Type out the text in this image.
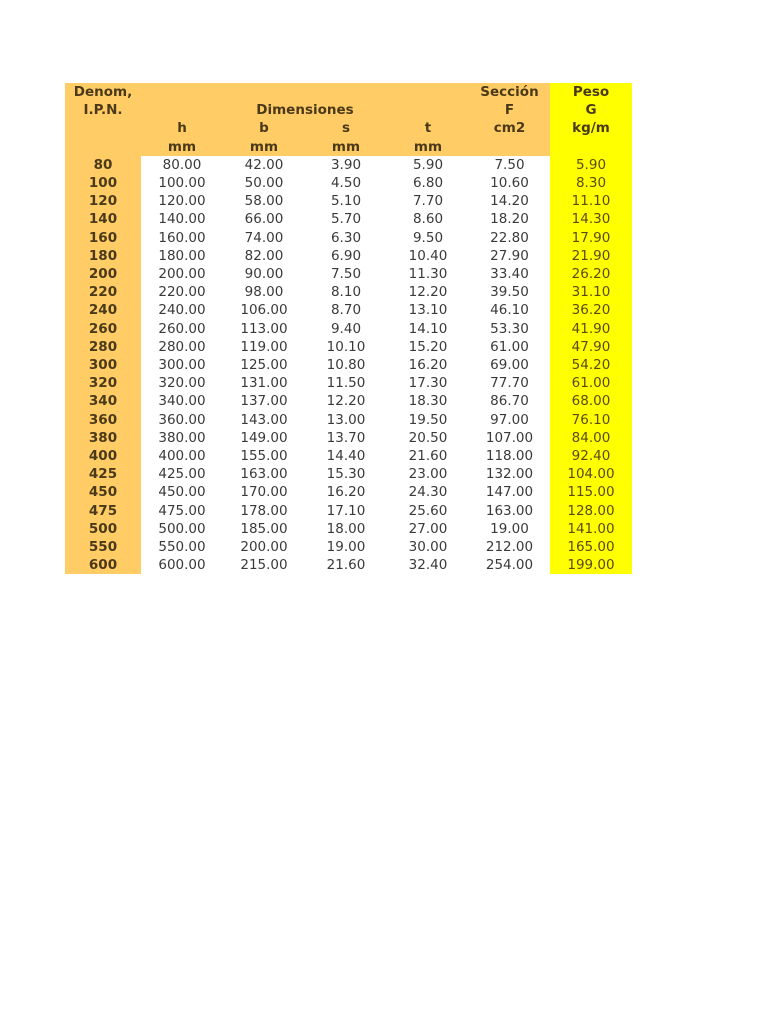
Denom,					Sección	Peso
I.P.N.	Dimensiones				F	G
	h	b	s	t	cm2	kg/m
	mm	mm	mm	mm		
80	80.00	42.00	3.90	5.90	7.50	5.90
100	100.00	50.00	4.50	6.80	10.60	8.30
120	120.00	58.00	5.10	7.70	14.20	11.10
140	140.00	66.00	5.70	8.60	18.20	14.30
160	160.00	74.00	6.30	9.50	22.80	17.90
180	180.00	82.00	6.90	10.40	27.90	21.90
200	200.00	90.00	7.50	11.30	33.40	26.20
220	220.00	98.00	8.10	12.20	39.50	31.10
240	240.00	106.00	8.70	13.10	46.10	36.20
260	260.00	113.00	9.40	14.10	53.30	41.90
280	280.00	119.00	10.10	15.20	61.00	47.90
300	300.00	125.00	10.80	16.20	69.00	54.20
320	320.00	131.00	11.50	17.30	77.70	61.00
340	340.00	137.00	12.20	18.30	86.70	68.00
360	360.00	143.00	13.00	19.50	97.00	76.10
380	380.00	149.00	13.70	20.50	107.00	84.00
400	400.00	155.00	14.40	21.60	118.00	92.40
425	425.00	163.00	15.30	23.00	132.00	104.00
450	450.00	170.00	16.20	24.30	147.00	115.00
475	475.00	178.00	17.10	25.60	163.00	128.00
500	500.00	185.00	18.00	27.00	19.00	141.00
550	550.00	200.00	19.00	30.00	212.00	165.00
600	600.00	215.00	21.60	32.40	254.00	199.00
